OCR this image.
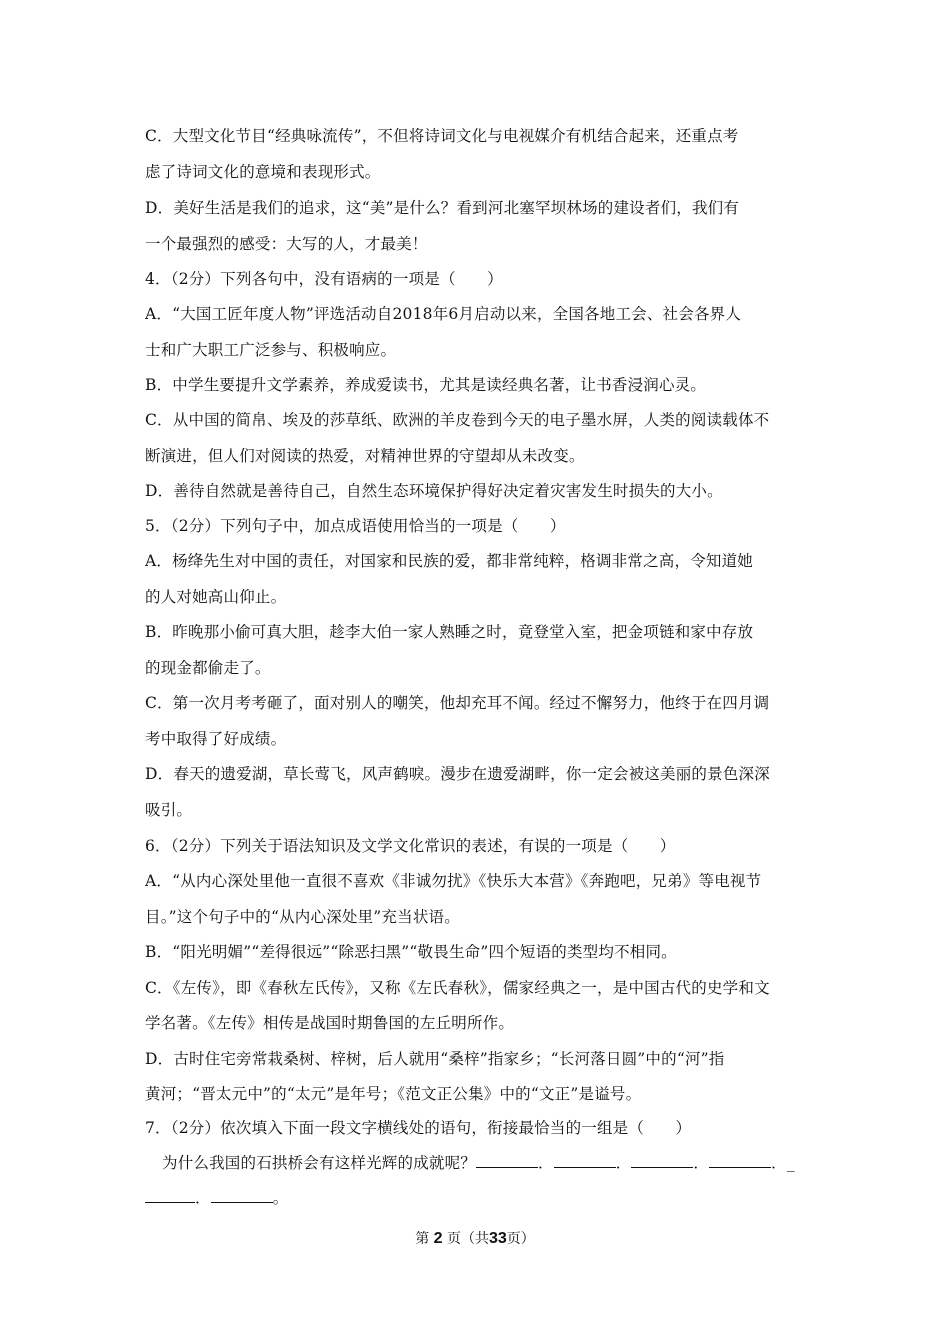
C．大型文化节目“经典咏流传”，不但将诗词文化与电视媒介有机结合起来，还重点考
虑了诗词文化的意境和表现形式。
D．美好生活是我们的追求，这“美”是什么？看到河北塞罕坝林场的建设者们，我们有
一个最强烈的感受：大写的人，才最美！
4．（2分）下列各句中，没有语病的一项是（　　）
A．“大国工匠年度人物”评选活动自2018年6月启动以来，全国各地工会、社会各界人
士和广大职工广泛参与、积极响应。
B．中学生要提升文学素养，养成爱读书，尤其是读经典名著，让书香浸润心灵。
C．从中国的简帛、埃及的莎草纸、欧洲的羊皮卷到今天的电子墨水屏，人类的阅读载体不
断演进，但人们对阅读的热爱，对精神世界的守望却从未改变。
D．善待自然就是善待自己，自然生态环境保护得好决定着灾害发生时损失的大小。
5．（2分）下列句子中，加点成语使用恰当的一项是（　　）
A．杨绛先生对中国的责任，对国家和民族的爱，都非常纯粹，格调非常之高，令知道她
的人对她高山仰止。
B．昨晚那小偷可真大胆，趁李大伯一家人熟睡之时，竟登堂入室，把金项链和家中存放
的现金都偷走了。
C．第一次月考考砸了，面对别人的嘲笑，他却充耳不闻。经过不懈努力，他终于在四月调
考中取得了好成绩。
D．春天的遗爱湖，草长莺飞，风声鹤唳。漫步在遗爱湖畔，你一定会被这美丽的景色深深
吸引。
6．（2分）下列关于语法知识及文学文化常识的表述，有误的一项是（　　）
A．“从内心深处里他一直很不喜欢《非诚勿扰》《快乐大本营》《奔跑吧，兄弟》等电视节
目。”这个句子中的“从内心深处里”充当状语。
B．“阳光明媚”“差得很远”“除恶扫黑”“敬畏生命”四个短语的类型均不相同。
C．《左传》，即《春秋左氏传》，又称《左氏春秋》，儒家经典之一，是中国古代的史学和文
学名著。《左传》相传是战国时期鲁国的左丘明所作。
D．古时住宅旁常栽桑树、梓树，后人就用“桑梓”指家乡；“长河落日圆”中的“河”指
黄河；“晋太元中”的“太元”是年号；《范文正公集》中的“文正”是谥号。
7．（2分）依次填入下面一段文字横线处的语句，衔接最恰当的一组是（　　）
为什么我国的石拱桥会有这样光辉的成就呢？	．	．	．	．_
．	。
第 2 页（共33页）
